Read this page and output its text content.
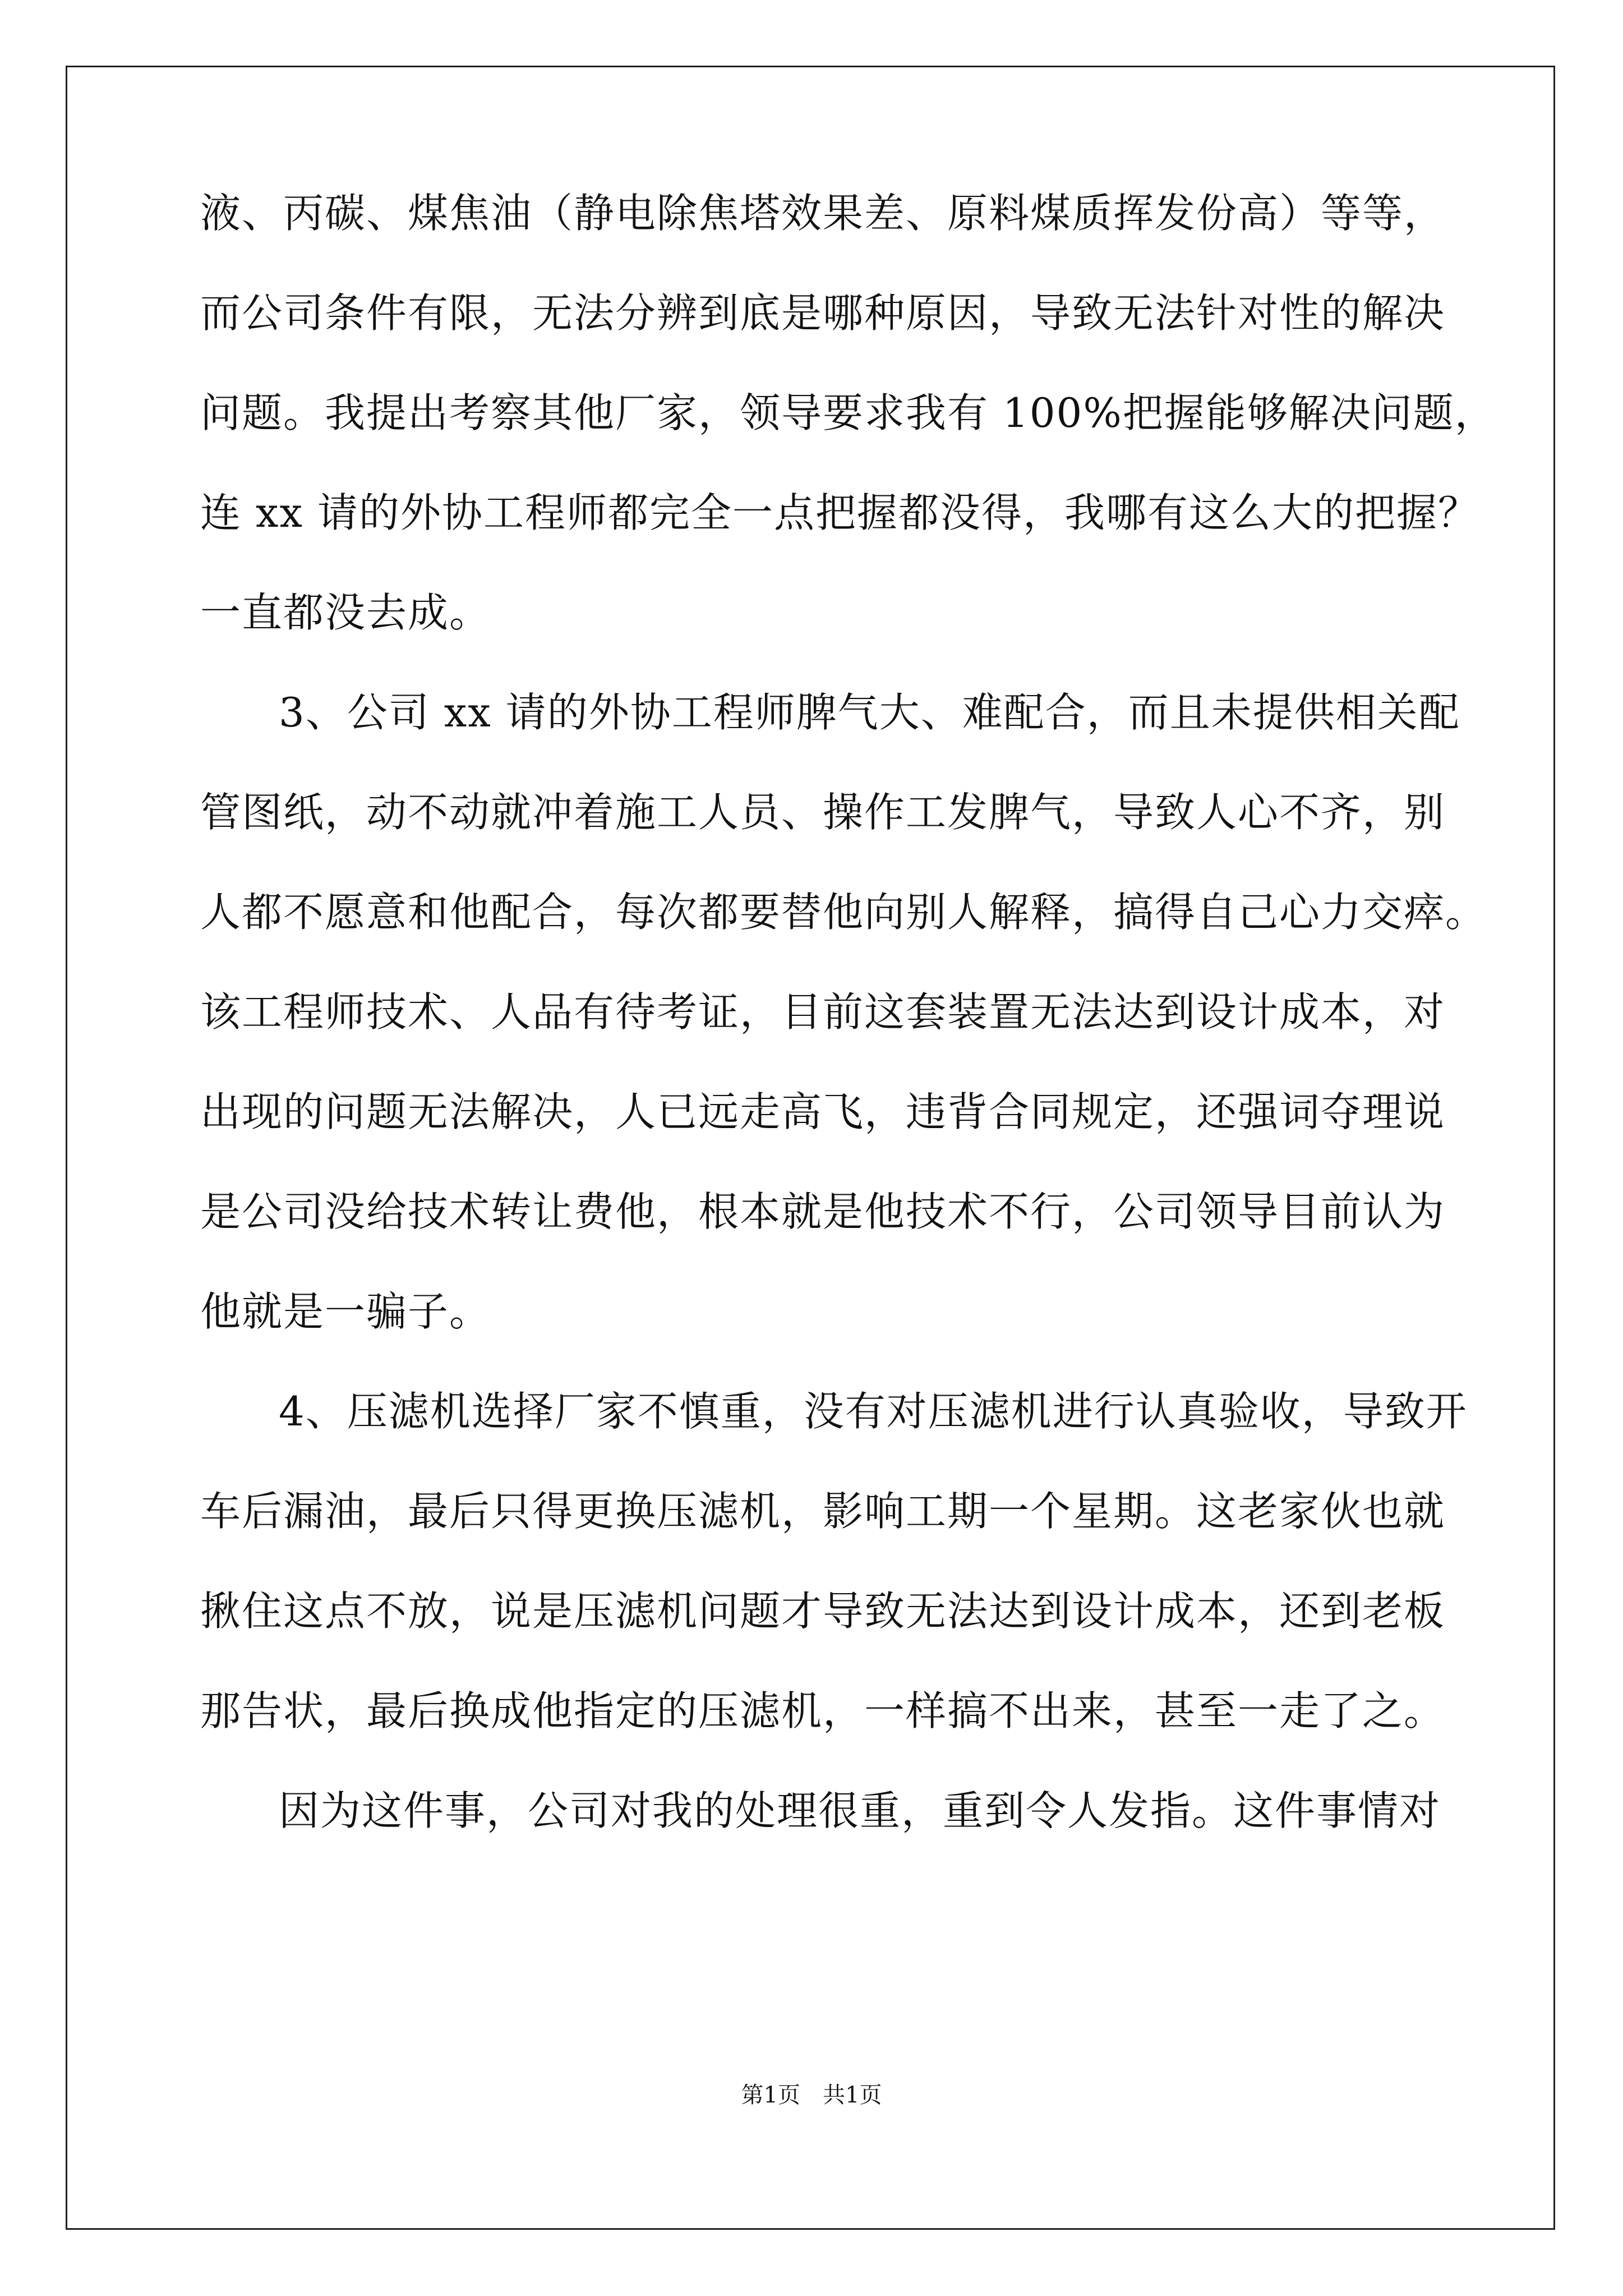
液、丙碳、煤焦油（静电除焦塔效果差、原料煤质挥发份高）等等，
而公司条件有限，无法分辨到底是哪种原因，导致无法针对性的解决
问题。我提出考察其他厂家，领导要求我有 100%把握能够解决问题，
连 xx 请的外协工程师都完全一点把握都没得，我哪有这么大的把握？
一直都没去成。
3、公司 xx 请的外协工程师脾气大、难配合，而且未提供相关配
管图纸，动不动就冲着施工人员、操作工发脾气，导致人心不齐，别
人都不愿意和他配合，每次都要替他向别人解释，搞得自己心力交瘁。
该工程师技术、人品有待考证，目前这套装置无法达到设计成本，对
出现的问题无法解决，人已远走高飞，违背合同规定，还强词夺理说
是公司没给技术转让费他，根本就是他技术不行，公司领导目前认为
他就是一骗子。
4、压滤机选择厂家不慎重，没有对压滤机进行认真验收，导致开
车后漏油，最后只得更换压滤机，影响工期一个星期。这老家伙也就
揪住这点不放，说是压滤机问题才导致无法达到设计成本，还到老板
那告状，最后换成他指定的压滤机，一样搞不出来，甚至一走了之。
因为这件事，公司对我的处理很重，重到令人发指。这件事情对
第1页　共1页
